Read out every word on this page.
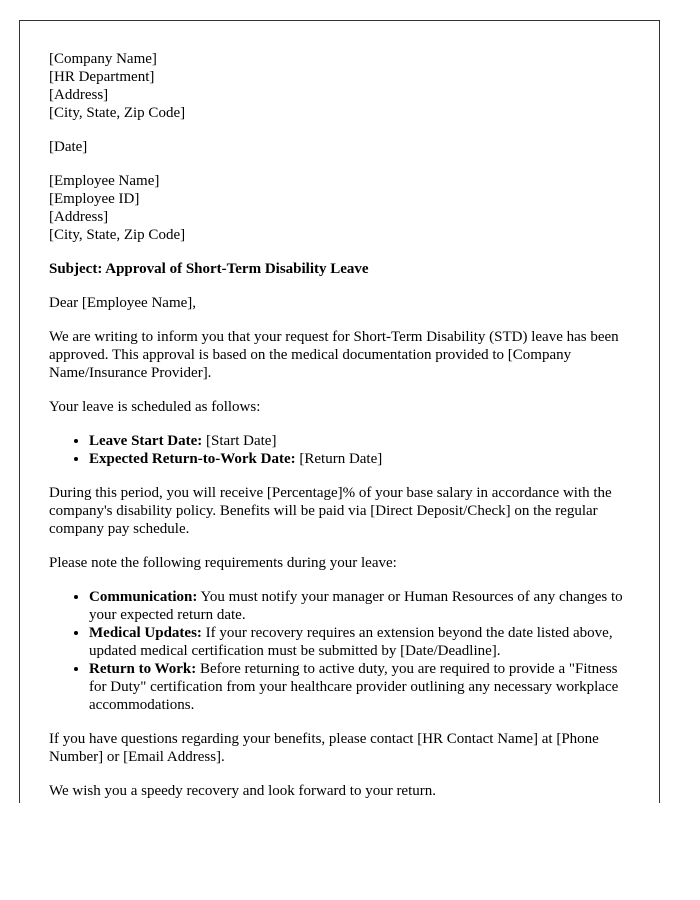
[Company Name]
[HR Department]
[Address]
[City, State, Zip Code]

[Date]

[Employee Name]
[Employee ID]
[Address]
[City, State, Zip Code]

Subject: Approval of Short-Term Disability Leave

Dear [Employee Name],

We are writing to inform you that your request for Short-Term Disability (STD) leave has been approved. This approval is based on the medical documentation provided to [Company Name/Insurance Provider].

Your leave is scheduled as follows:

• Leave Start Date: [Start Date]
• Expected Return-to-Work Date: [Return Date]

During this period, you will receive [Percentage]% of your base salary in accordance with the company's disability policy. Benefits will be paid via [Direct Deposit/Check] on the regular company pay schedule.

Please note the following requirements during your leave:

• Communication: You must notify your manager or Human Resources of any changes to your expected return date.
• Medical Updates: If your recovery requires an extension beyond the date listed above, updated medical certification must be submitted by [Date/Deadline].
• Return to Work: Before returning to active duty, you are required to provide a "Fitness for Duty" certification from your healthcare provider outlining any necessary workplace accommodations.

If you have questions regarding your benefits, please contact [HR Contact Name] at [Phone Number] or [Email Address].

We wish you a speedy recovery and look forward to your return.
